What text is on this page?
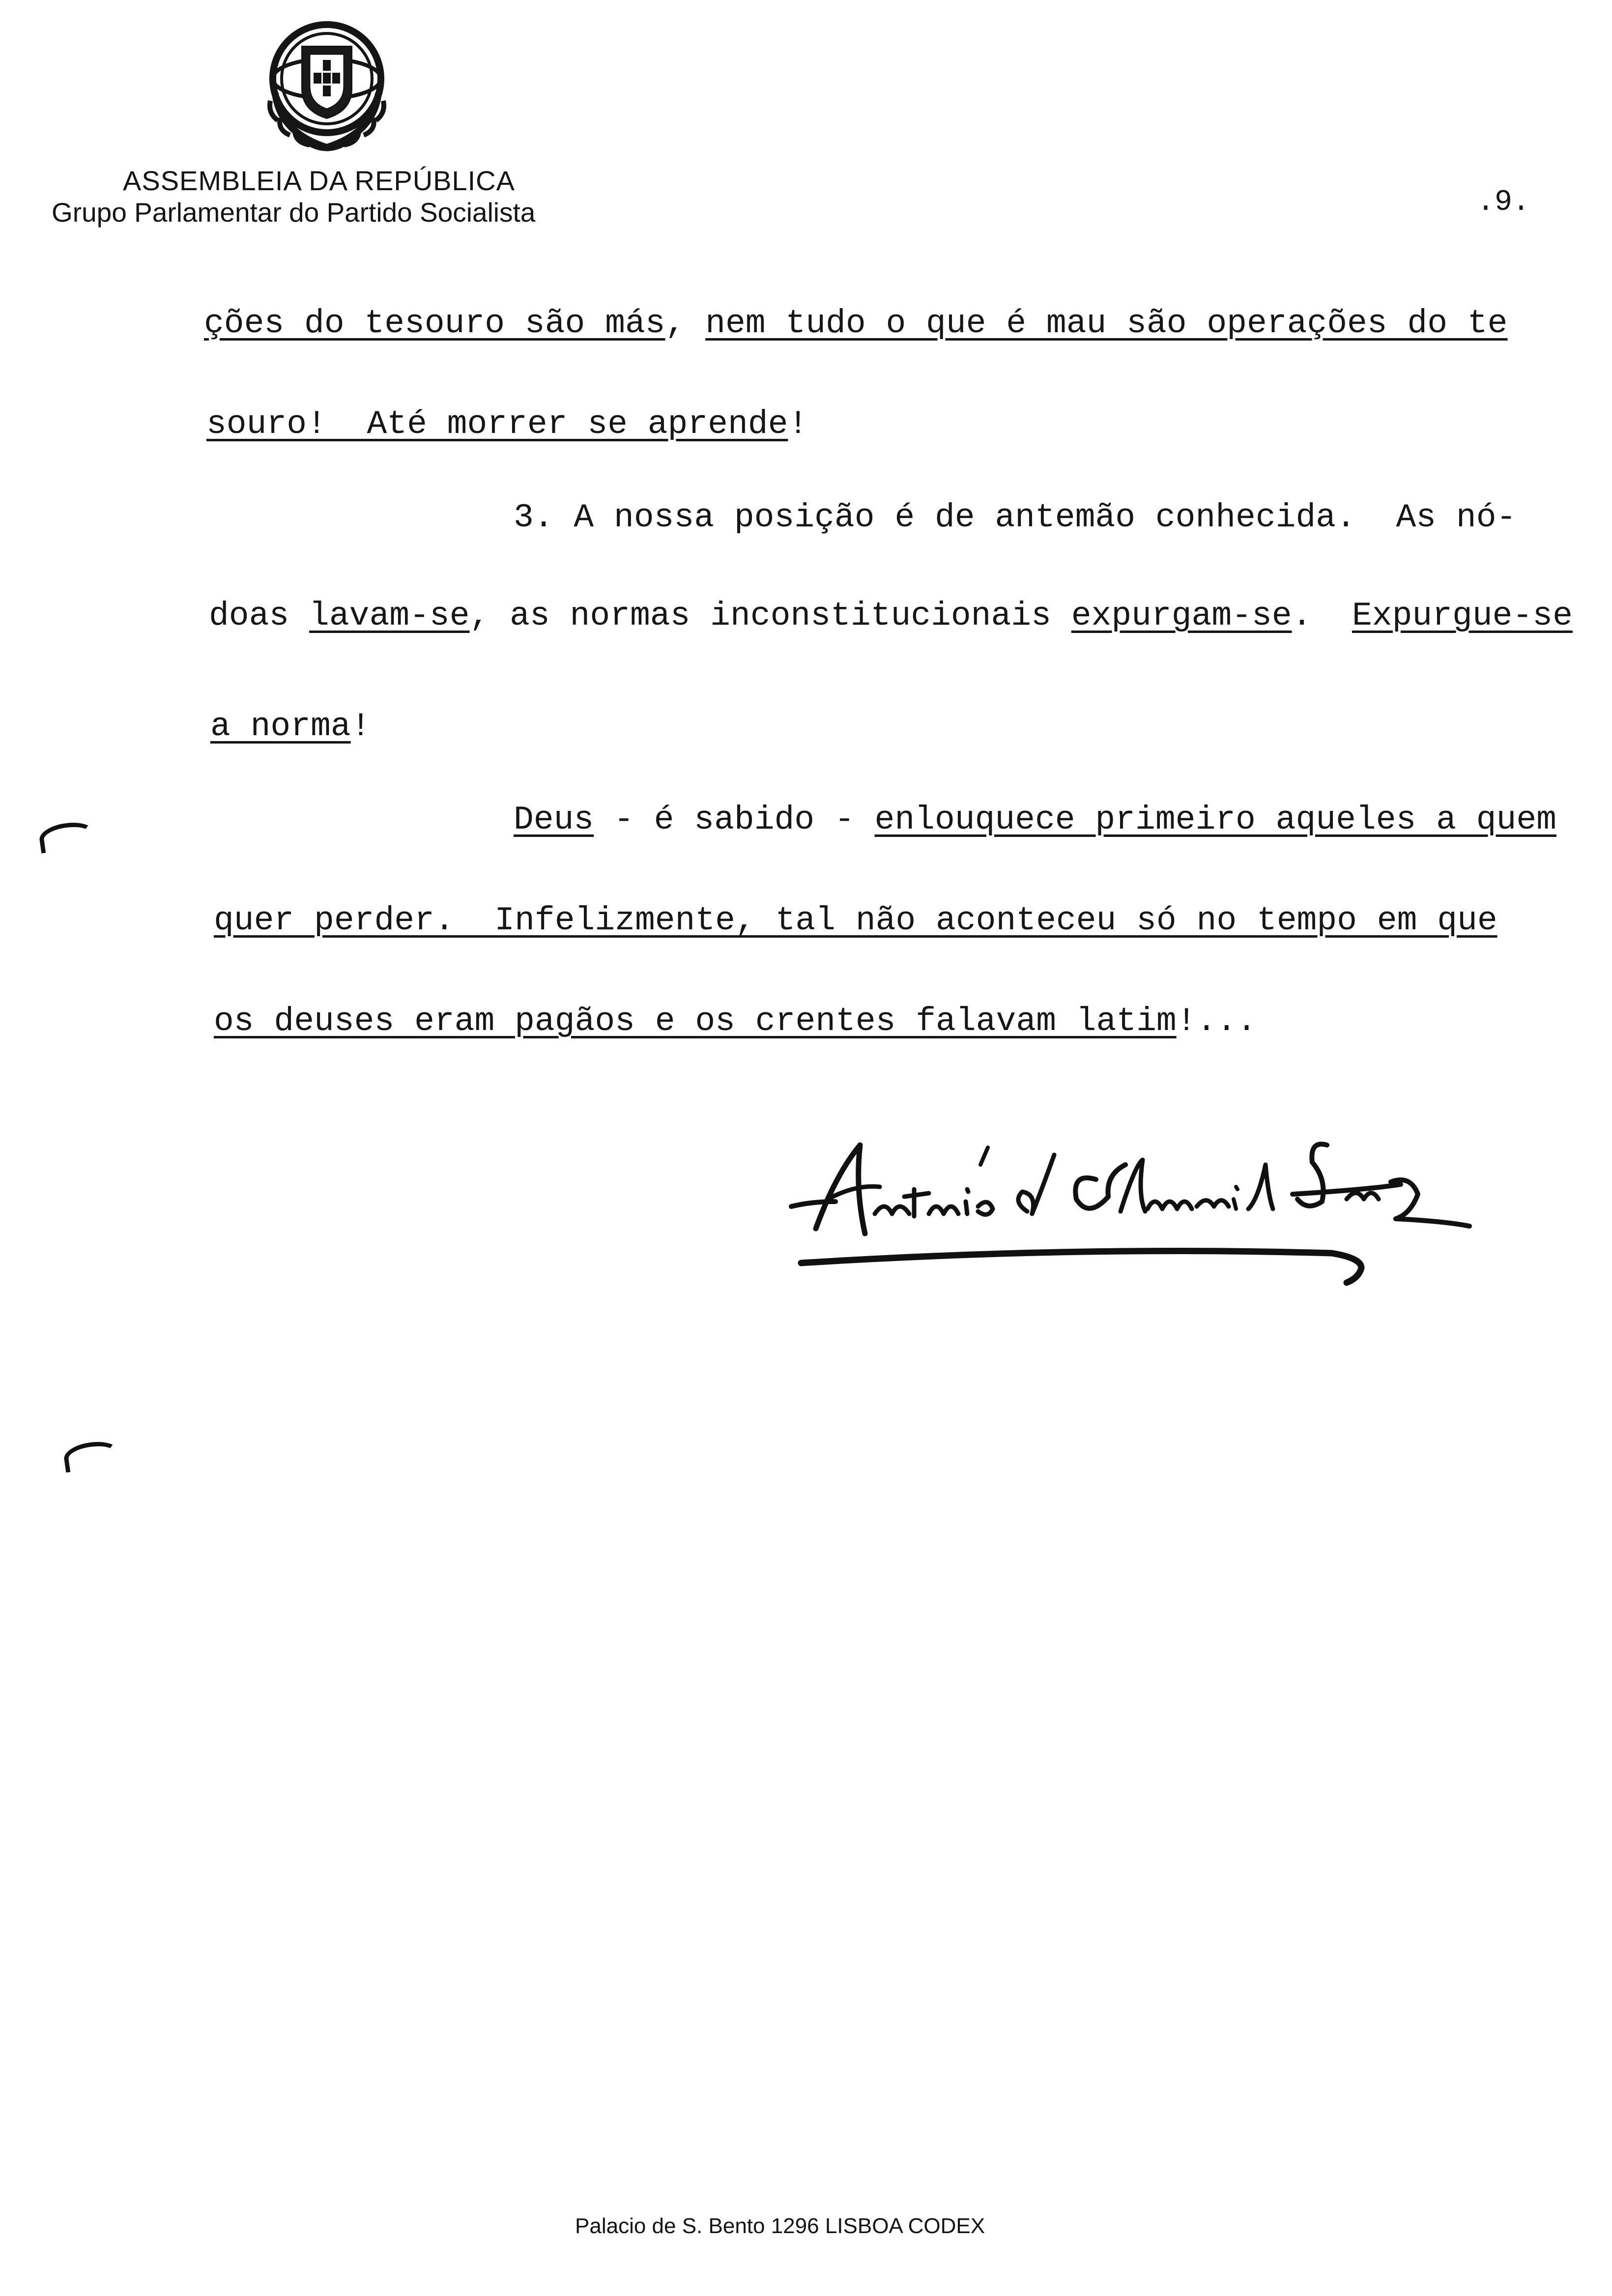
ASSEMBLEIA DA REPÚBLICA
Grupo Parlamentar do Partido Socialista	.9.
ções do tesouro são más, nem tudo o que é mau são operações do te
souro!  Até morrer se aprende!
3. A nossa posição é de antemão conhecida.  As nó-
doas lavam-se, as normas inconstitucionais expurgam-se.  Expurgue-se
a norma!
Deus - é sabido - enlouquece primeiro aqueles a quem
quer perder.  Infelizmente, tal não aconteceu só no tempo em que
os deuses eram pagãos e os crentes falavam latim!...
Palacio de S. Bento 1296 LISBOA CODEX
